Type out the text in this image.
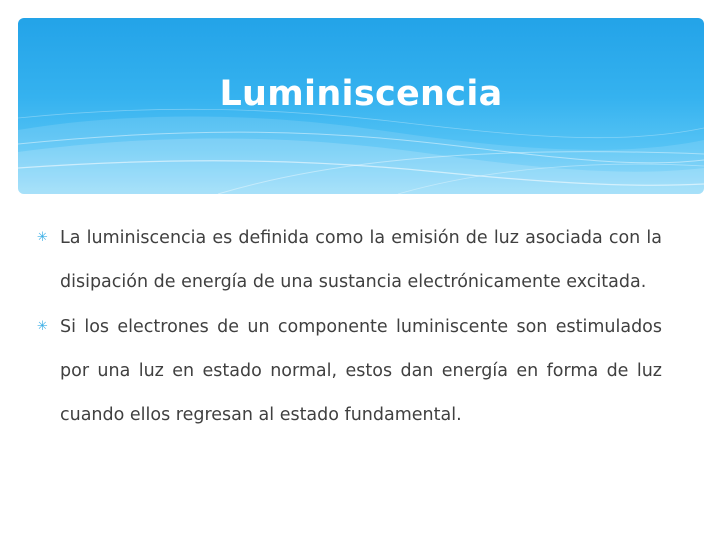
Luminiscencia

✳ La luminiscencia es definida como la emisión de luz asociada con la disipación de energía de una sustancia electrónicamente excitada.

✳ Si los electrones de un componente luminiscente son estimulados por una luz en estado normal, estos dan energía en forma de luz cuando ellos regresan al estado fundamental.
